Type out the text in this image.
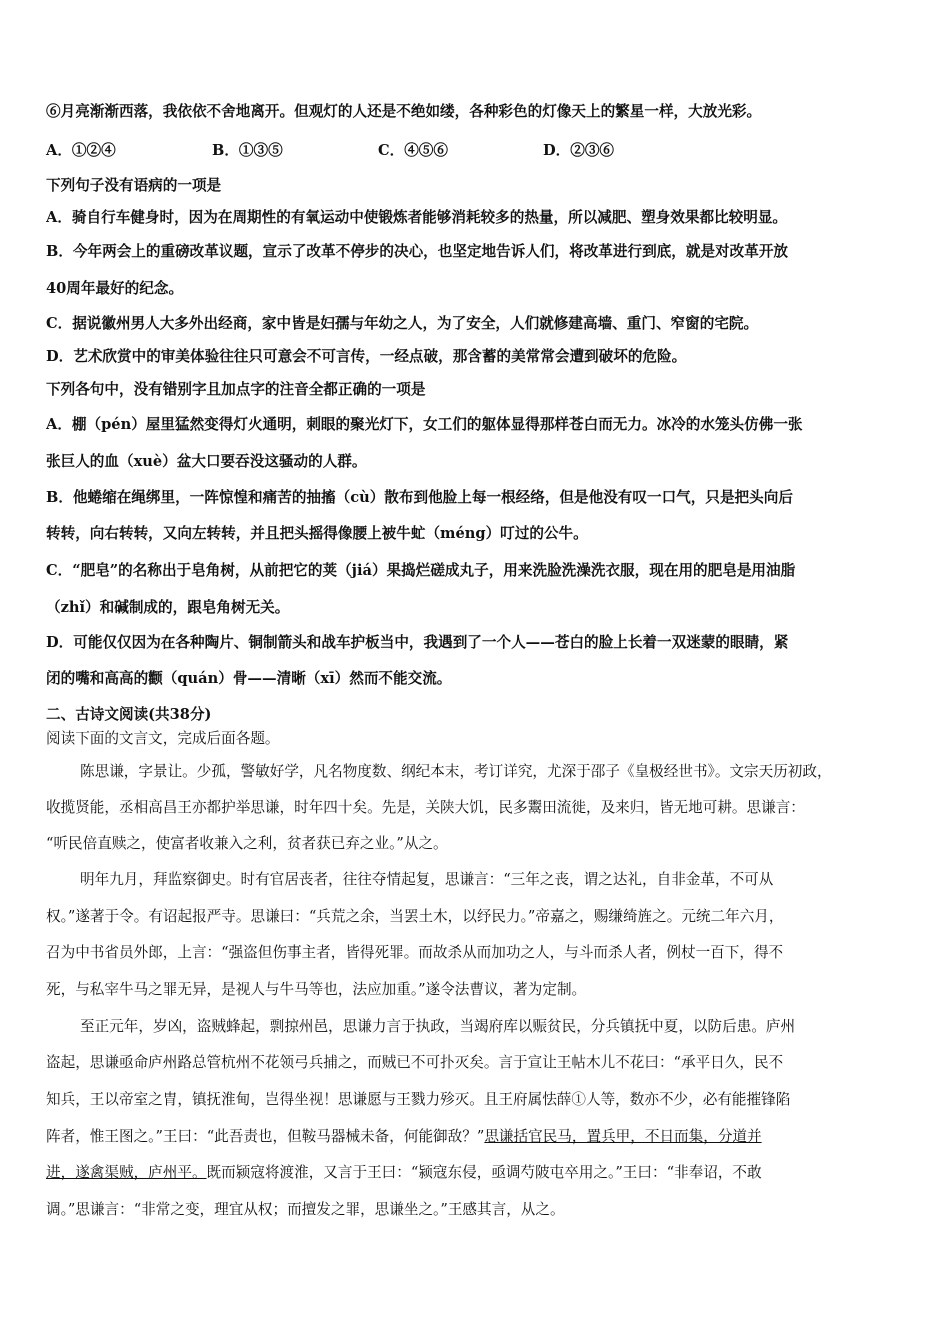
⑥月亮渐渐西落，我依依不舍地离开。但观灯的人还是不绝如缕，各种彩色的灯像天上的繁星一样，大放光彩。
A．①②④	B．①③⑤	C．④⑤⑥	D．②③⑥
下列句子没有语病的一项是
A．骑自行车健身时，因为在周期性的有氧运动中使锻炼者能够消耗较多的热量，所以减肥、塑身效果都比较明显。
B．今年两会上的重磅改革议题，宣示了改革不停步的决心，也坚定地告诉人们，将改革进行到底，就是对改革开放
40周年最好的纪念。
C．据说徽州男人大多外出经商，家中皆是妇孺与年幼之人，为了安全，人们就修建高墙、重门、窄窗的宅院。
D．艺术欣赏中的审美体验往往只可意会不可言传，一经点破，那含蓄的美常常会遭到破坏的危险。
下列各句中，没有错别字且加点字的注音全都正确的一项是
A．棚（pén）屋里猛然变得灯火通明，刺眼的聚光灯下，女工们的躯体显得那样苍白而无力。冰冷的水笼头仿佛一张
张巨人的血（xuè）盆大口要吞没这骚动的人群。
B．他蜷缩在绳绑里，一阵惊惶和痛苦的抽搐（cù）散布到他脸上每一根经络，但是他没有叹一口气，只是把头向后
转转，向右转转，又向左转转，并且把头摇得像腰上被牛虻（méng）叮过的公牛。
C．“肥皂”的名称出于皂角树，从前把它的荚（jiá）果捣烂磋成丸子，用来洗脸洗澡洗衣服，现在用的肥皂是用油脂
（zhǐ）和碱制成的，跟皂角树无关。
D．可能仅仅因为在各种陶片、铜制箭头和战车护板当中，我遇到了一个人——苍白的脸上长着一双迷蒙的眼睛，紧
闭的嘴和高高的颧（quán）骨——清晰（xī）然而不能交流。
二、古诗文阅读(共38分)
阅读下面的文言文，完成后面各题。
陈思谦，字景让。少孤，警敏好学，凡名物度数、纲纪本末，考订详究，尤深于邵子《皇极经世书》。文宗天历初政，
收揽贤能，丞相高昌王亦都护举思谦，时年四十矣。先是，关陕大饥，民多鬻田流徙，及来归，皆无地可耕。思谦言：
“听民倍直赎之，使富者收兼入之利，贫者获已弃之业。”从之。
明年九月，拜监察御史。时有官居丧者，往往夺情起复，思谦言：“三年之丧，谓之达礼，自非金革，不可从
权。”遂著于令。有诏起报严寺。思谦曰：“兵荒之余，当罢土木，以纾民力。”帝嘉之，赐缣绮旌之。元统二年六月，
召为中书省员外郎，上言：“强盗但伤事主者，皆得死罪。而故杀从而加功之人，与斗而杀人者，例杖一百下，得不
死，与私宰牛马之罪无异，是视人与牛马等也，法应加重。”遂令法曹议，著为定制。
至正元年，岁凶，盗贼蜂起，剽掠州邑，思谦力言于执政，当竭府库以赈贫民，分兵镇抚中夏，以防后患。庐州
盗起，思谦亟命庐州路总管杭州不花领弓兵捕之，而贼已不可扑灭矣。言于宣让王帖木儿不花曰：“承平日久，民不
知兵，王以帝室之胄，镇抚淮甸，岂得坐视！思谦愿与王戮力殄灭。且王府属怯薛①人等，数亦不少，必有能摧锋陷
阵者，惟王图之。”王曰：“此吾责也，但鞍马器械未备，何能御敌？”思谦括官民马，置兵甲，不日而集，分道并
进，遂禽渠贼，庐州平。既而颍寇将渡淮，又言于王曰：“颍寇东侵，亟调芍陂屯卒用之。”王曰：“非奉诏，不敢
调。”思谦言：“非常之变，理宜从权；而擅发之罪，思谦坐之。”王感其言，从之。
